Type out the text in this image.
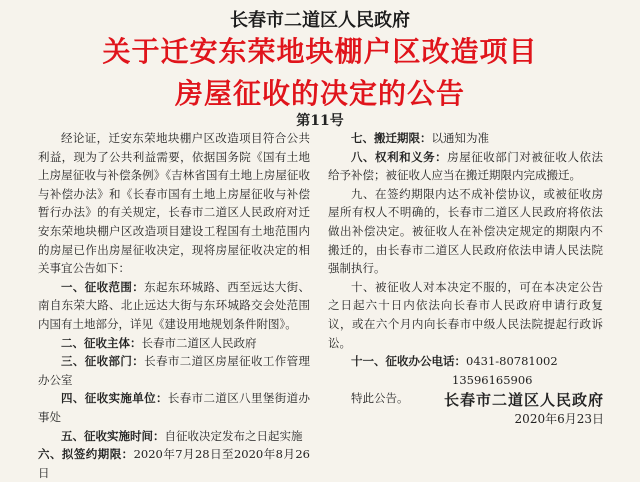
长春市二道区人民政府
关于迁安东荣地块棚户区改造项目
房屋征收的决定的公告
第11号

经论证，迁安东荣地块棚户区改造项目符合公共利益，现为了公共利益需要，依据国务院《国有土地上房屋征收与补偿条例》《吉林省国有土地上房屋征收与补偿办法》和《长春市国有土地上房屋征收与补偿暂行办法》的有关规定，长春市二道区人民政府对迁安东荣地块棚户区改造项目建设工程国有土地范围内的房屋已作出房屋征收决定，现将房屋征收决定的相关事宜公告如下：

一、征收范围：东起东环城路、西至远达大街、南自东荣大路、北止远达大街与东环城路交会处范围内国有土地部分，详见《建设用地规划条件附图》。

二、征收主体：长春市二道区人民政府

三、征收部门：长春市二道区房屋征收工作管理办公室

四、征收实施单位：长春市二道区八里堡街道办事处

五、征收实施时间：自征收决定发布之日起实施

六、拟签约期限：2020年7月28日至2020年8月26日

七、搬迁期限：以通知为准

八、权利和义务：房屋征收部门对被征收人依法给予补偿；被征收人应当在搬迁期限内完成搬迁。

九、在签约期限内达不成补偿协议，或被征收房屋所有权人不明确的，长春市二道区人民政府将依法做出补偿决定。被征收人在补偿决定规定的期限内不搬迁的，由长春市二道区人民政府依法申请人民法院强制执行。

十、被征收人对本决定不服的，可在本决定公告之日起六十日内依法向长春市人民政府申请行政复议，或在六个月内向长春市中级人民法院提起行政诉讼。

十一、征收办公电话：0431-80781002

13596165906

特此公告。	长春市二道区人民政府
2020年6月23日
